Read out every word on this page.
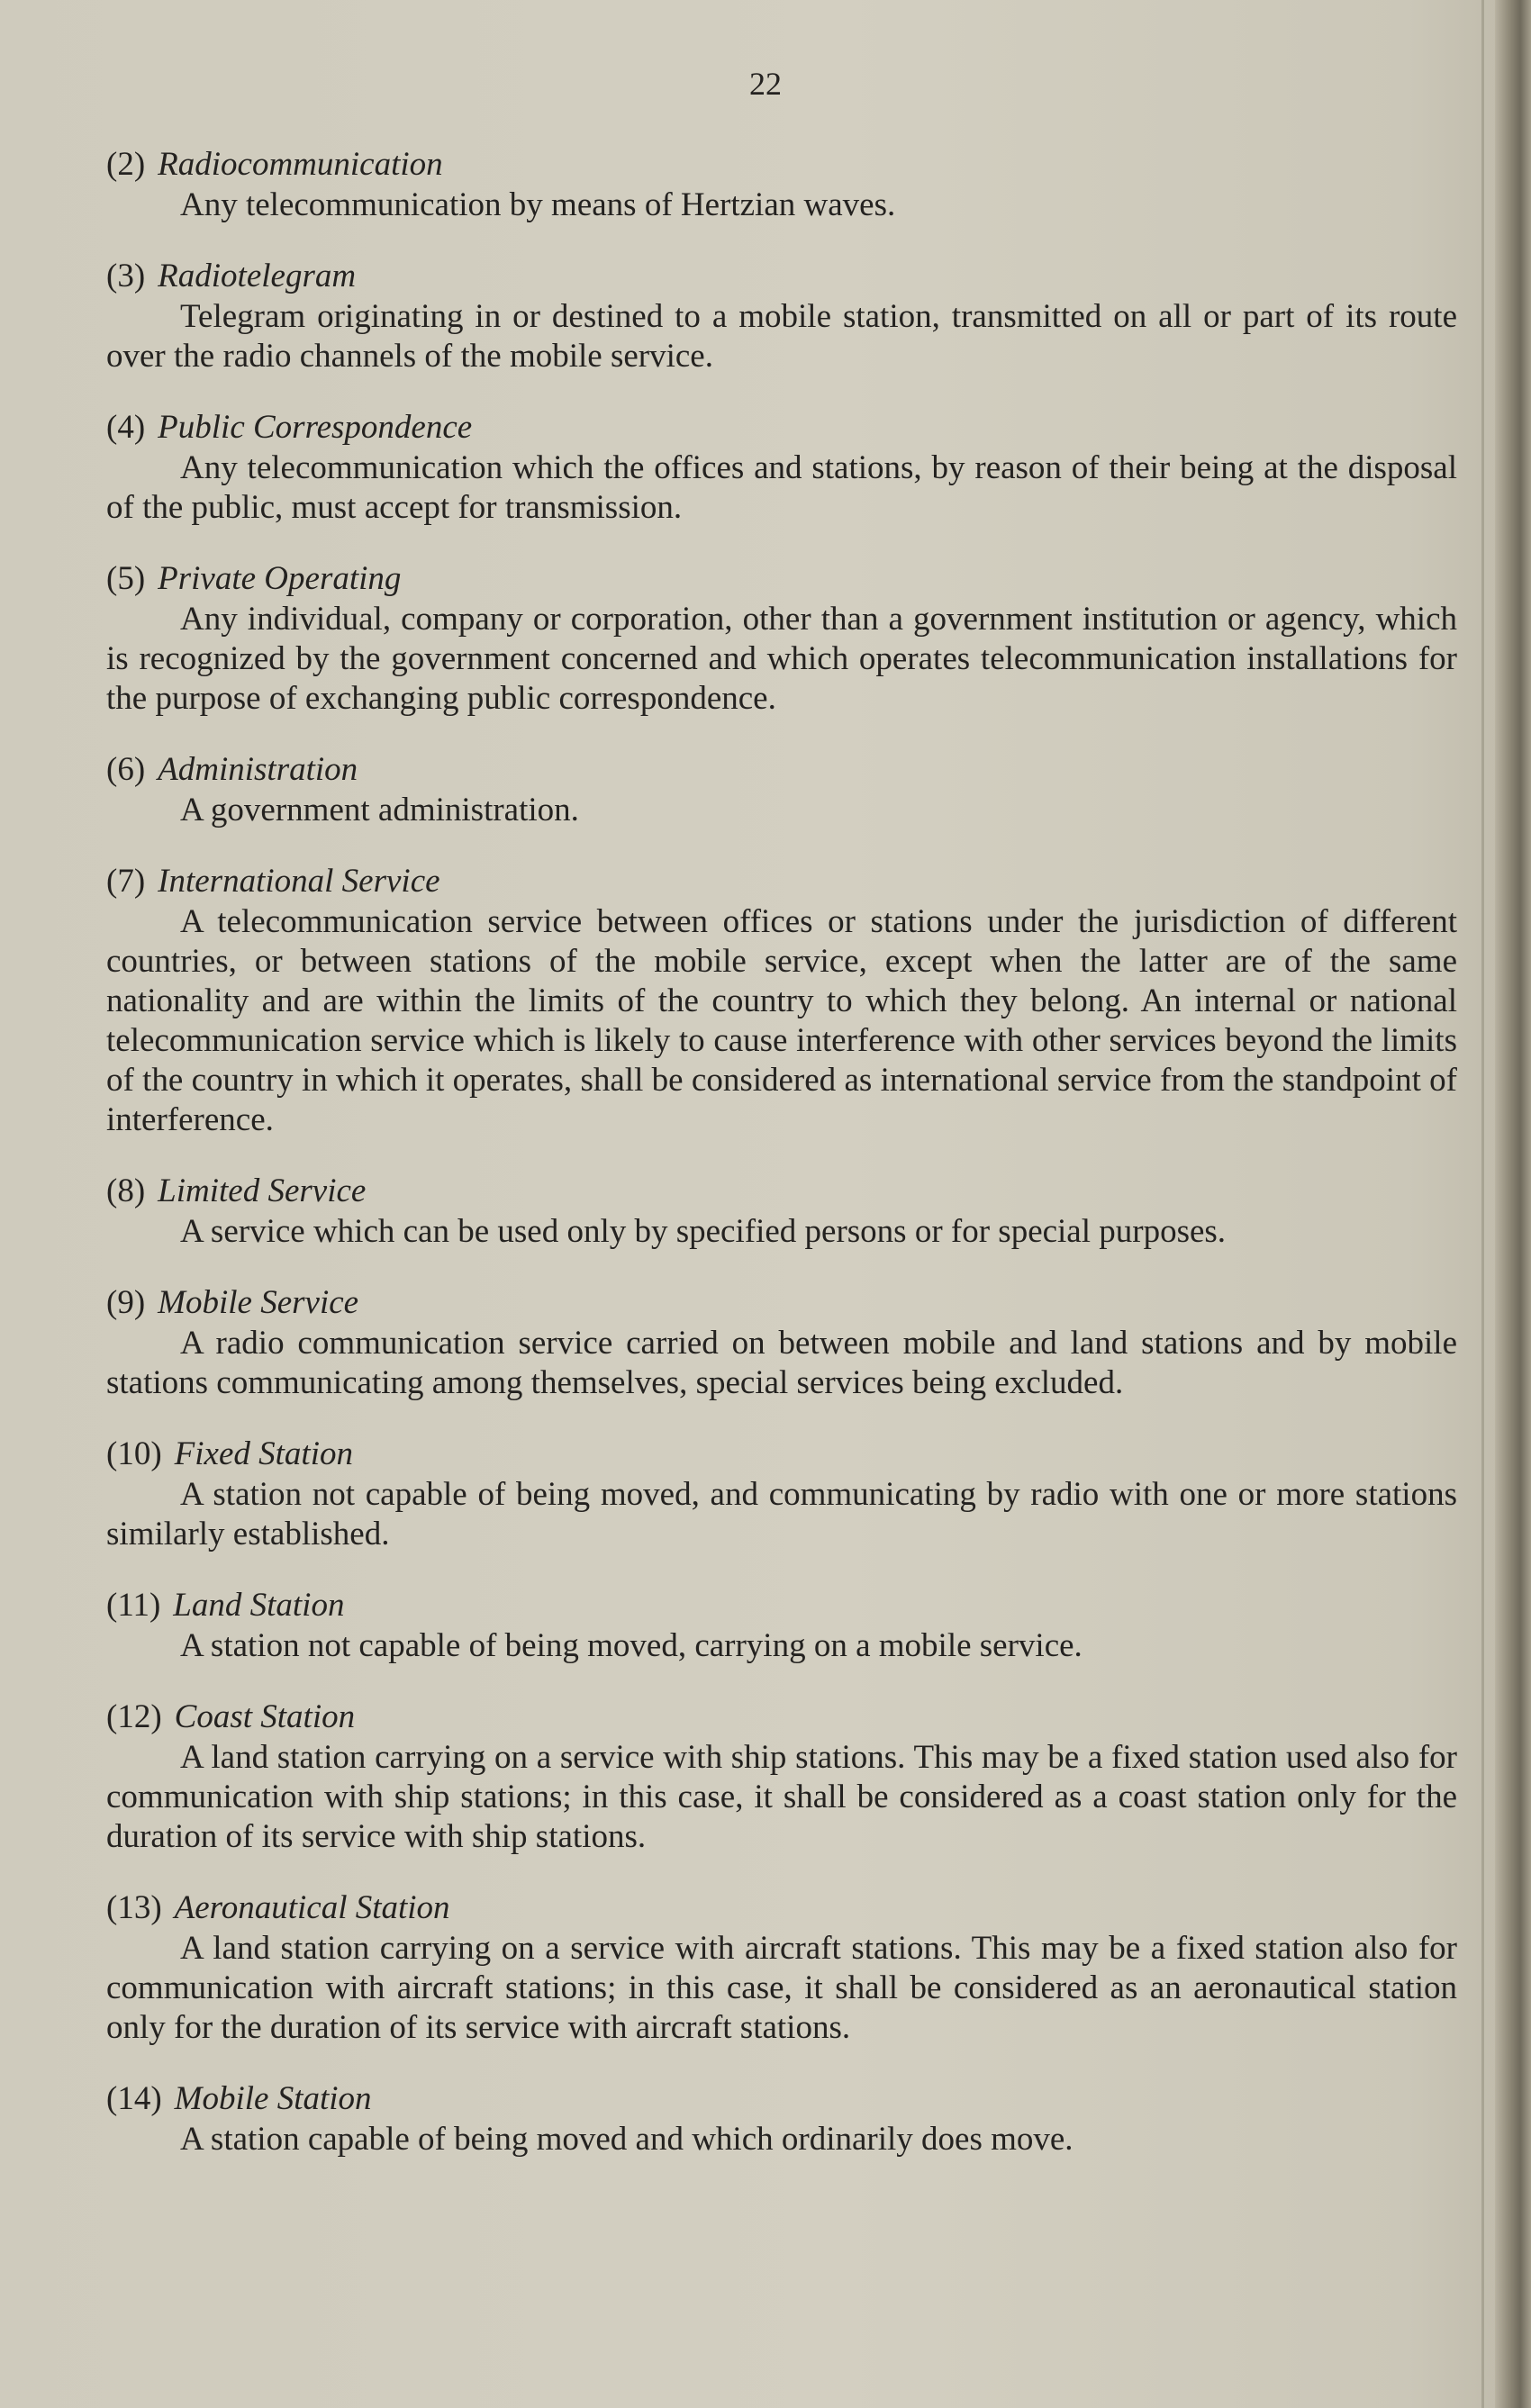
22

(2) Radiocommunication

Any telecommunication by means of Hertzian waves.

(3) Radiotelegram

Telegram originating in or destined to a mobile station, transmitted on all or part of its route over the radio channels of the mobile service.

(4) Public Correspondence

Any telecommunication which the offices and stations, by reason of their being at the disposal of the public, must accept for transmission.

(5) Private Operating

Any individual, company or corporation, other than a government institution or agency, which is recognized by the government concerned and which operates telecommunication installations for the purpose of exchanging public correspondence.

(6) Administration

A government administration.

(7) International Service

A telecommunication service between offices or stations under the jurisdiction of different countries, or between stations of the mobile service, except when the latter are of the same nationality and are within the limits of the country to which they belong. An internal or national telecommunication service which is likely to cause interference with other services beyond the limits of the country in which it operates, shall be considered as international service from the standpoint of interference.

(8) Limited Service

A service which can be used only by specified persons or for special purposes.

(9) Mobile Service

A radio communication service carried on between mobile and land stations and by mobile stations communicating among themselves, special services being excluded.

(10) Fixed Station

A station not capable of being moved, and communicating by radio with one or more stations similarly established.

(11) Land Station

A station not capable of being moved, carrying on a mobile service.

(12) Coast Station

A land station carrying on a service with ship stations. This may be a fixed station used also for communication with ship stations; in this case, it shall be considered as a coast station only for the duration of its service with ship stations.

(13) Aeronautical Station

A land station carrying on a service with aircraft stations. This may be a fixed station also for communication with aircraft stations; in this case, it shall be considered as an aeronautical station only for the duration of its service with aircraft stations.

(14) Mobile Station

A station capable of being moved and which ordinarily does move.
